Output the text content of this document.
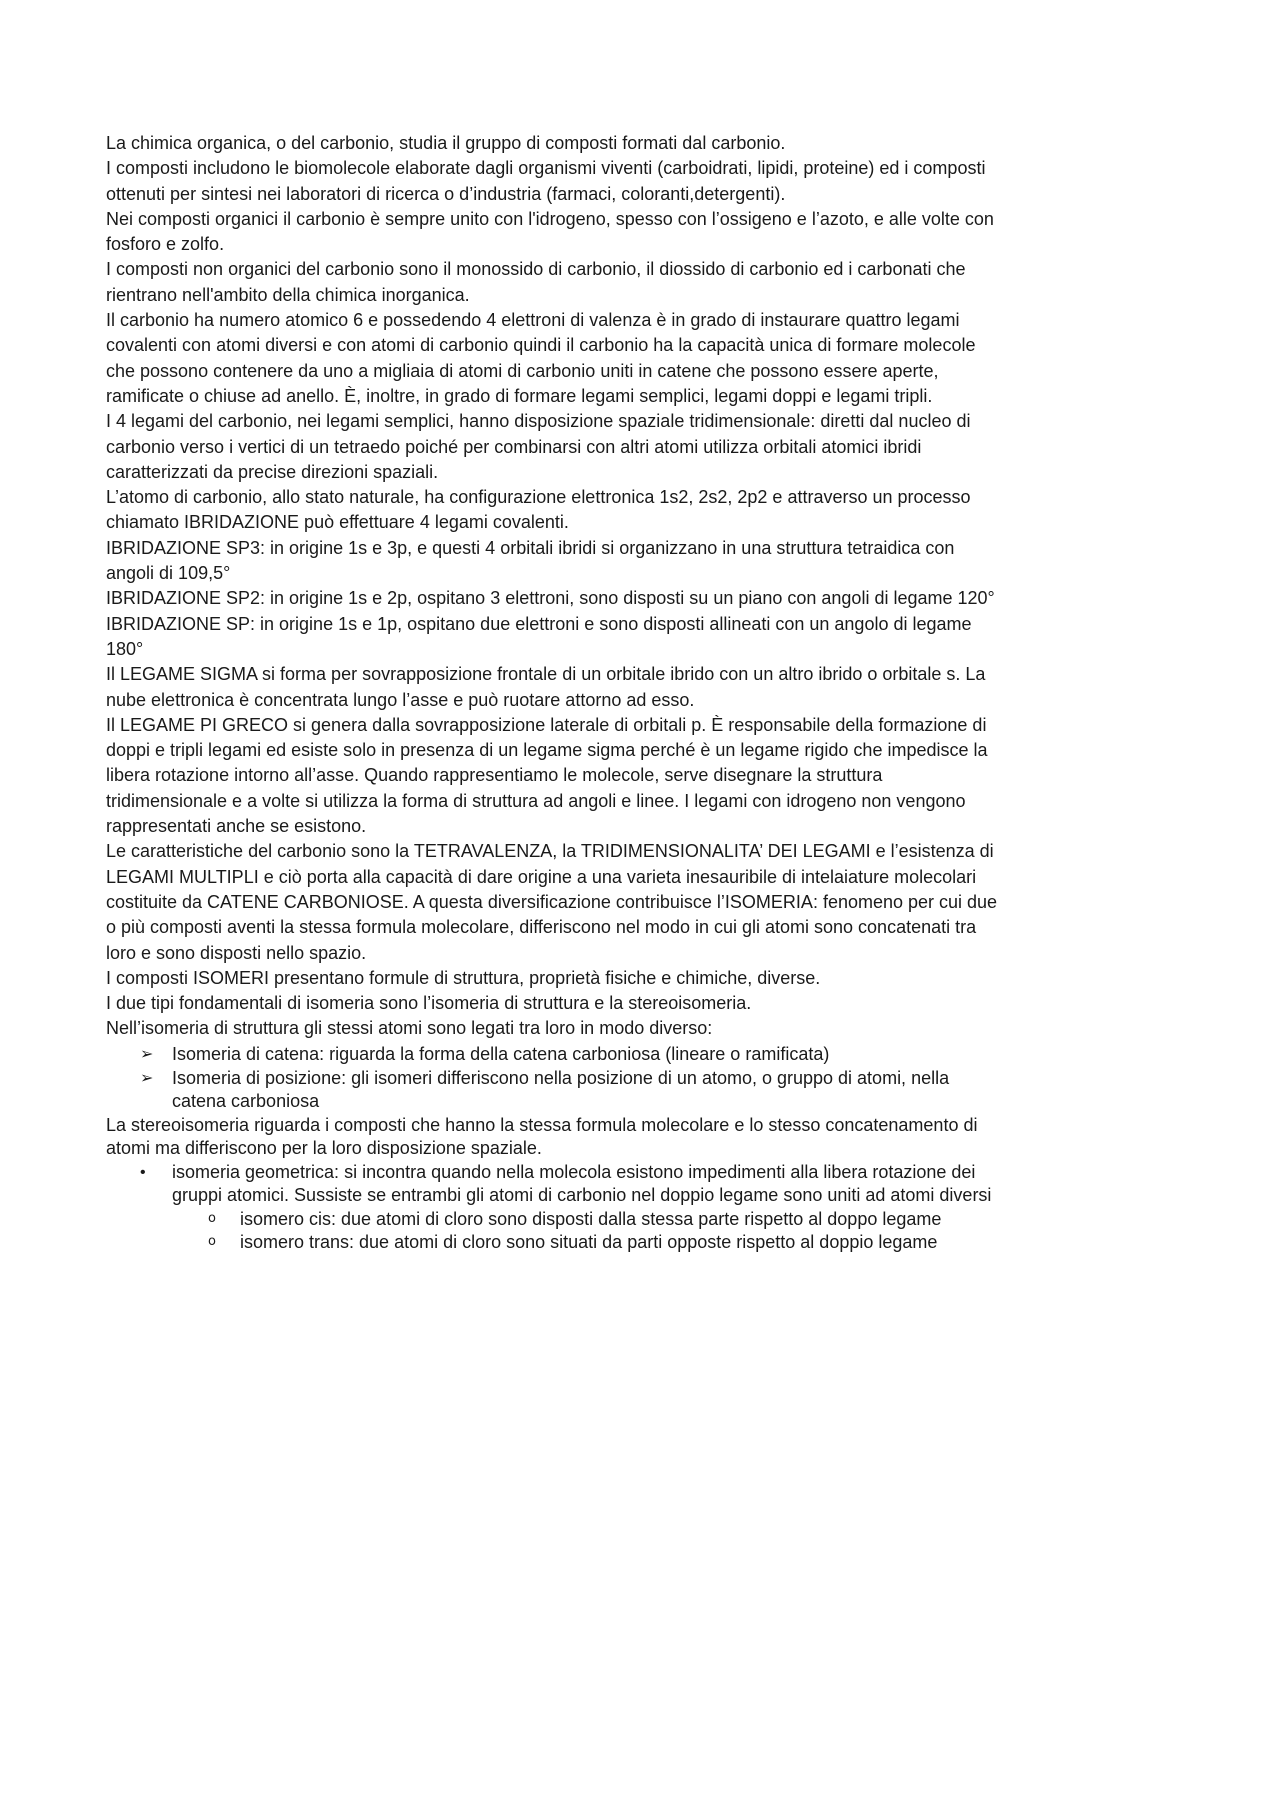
La chimica organica, o del carbonio, studia il gruppo di composti formati dal carbonio.

I composti includono le biomolecole elaborate dagli organismi viventi (carboidrati, lipidi, proteine) ed i composti ottenuti per sintesi nei laboratori di ricerca o d’industria (farmaci, coloranti,detergenti).

Nei composti organici il carbonio è sempre unito con l'idrogeno, spesso con l’ossigeno e l’azoto, e alle volte con fosforo e zolfo.

I composti non organici del carbonio sono il monossido di carbonio, il diossido di carbonio ed i carbonati che rientrano nell'ambito della chimica inorganica.

Il carbonio ha numero atomico 6 e possedendo 4 elettroni di valenza è in grado di instaurare quattro legami covalenti con atomi diversi e con atomi di carbonio quindi il carbonio ha la capacità unica di formare molecole che possono contenere da uno a migliaia di atomi di carbonio uniti in catene che possono essere aperte, ramificate o chiuse ad anello. È, inoltre, in grado di formare legami semplici, legami doppi e legami tripli.

I 4 legami del carbonio, nei legami semplici, hanno disposizione spaziale tridimensionale: diretti dal nucleo di carbonio verso i vertici di un tetraedo poiché per combinarsi con altri atomi utilizza orbitali atomici ibridi caratterizzati da precise direzioni spaziali.

L’atomo di carbonio, allo stato naturale, ha configurazione elettronica 1s2, 2s2, 2p2 e attraverso un processo chiamato IBRIDAZIONE può effettuare 4 legami covalenti.

IBRIDAZIONE SP3: in origine 1s e 3p, e questi 4 orbitali ibridi si organizzano in una struttura tetraidica con angoli di 109,5°

IBRIDAZIONE SP2: in origine 1s e 2p, ospitano 3 elettroni, sono disposti su un piano con angoli di legame 120°

IBRIDAZIONE SP: in origine 1s e 1p, ospitano due elettroni e sono disposti allineati con un angolo di legame 180°

Il LEGAME SIGMA si forma per sovrapposizione frontale di un orbitale ibrido con un altro ibrido o orbitale s. La nube elettronica è concentrata lungo l’asse e può ruotare attorno ad esso.

Il LEGAME PI GRECO si genera dalla sovrapposizione laterale di orbitali p. È responsabile della formazione di doppi e tripli legami ed esiste solo in presenza di un legame sigma perché è un legame rigido che impedisce la libera rotazione intorno all’asse. Quando rappresentiamo le molecole, serve disegnare la struttura tridimensionale e a volte si utilizza la forma di struttura ad angoli e linee. I legami con idrogeno non vengono rappresentati anche se esistono.

Le caratteristiche del carbonio sono la TETRAVALENZA, la TRIDIMENSIONALITA’ DEI LEGAMI e l’esistenza di LEGAMI MULTIPLI e ciò porta alla capacità di dare origine a una varieta inesauribile di intelaiature molecolari costituite da CATENE CARBONIOSE. A questa diversificazione contribuisce l’ISOMERIA: fenomeno per cui due o più composti aventi la stessa formula molecolare, differiscono nel modo in cui gli atomi sono concatenati tra loro e sono disposti nello spazio.

I composti ISOMERI presentano formule di struttura, proprietà fisiche e chimiche, diverse.

I due tipi fondamentali di isomeria sono l’isomeria di struttura e la stereoisomeria.

Nell’isomeria di struttura gli stessi atomi sono legati tra loro in modo diverso:

➢ Isomeria di catena: riguarda la forma della catena carboniosa (lineare o ramificata)
➢ Isomeria di posizione: gli isomeri differiscono nella posizione di un atomo, o gruppo di atomi, nella catena carboniosa

La stereoisomeria riguarda i composti che hanno la stessa formula molecolare e lo stesso concatenamento di atomi ma differiscono per la loro disposizione spaziale.

• isomeria geometrica: si incontra quando nella molecola esistono impedimenti alla libera rotazione dei gruppi atomici. Sussiste se entrambi gli atomi di carbonio nel doppio legame sono uniti ad atomi diversi
o isomero cis: due atomi di cloro sono disposti dalla stessa parte rispetto al doppo legame
o isomero trans: due atomi di cloro sono situati da parti opposte rispetto al doppio legame
